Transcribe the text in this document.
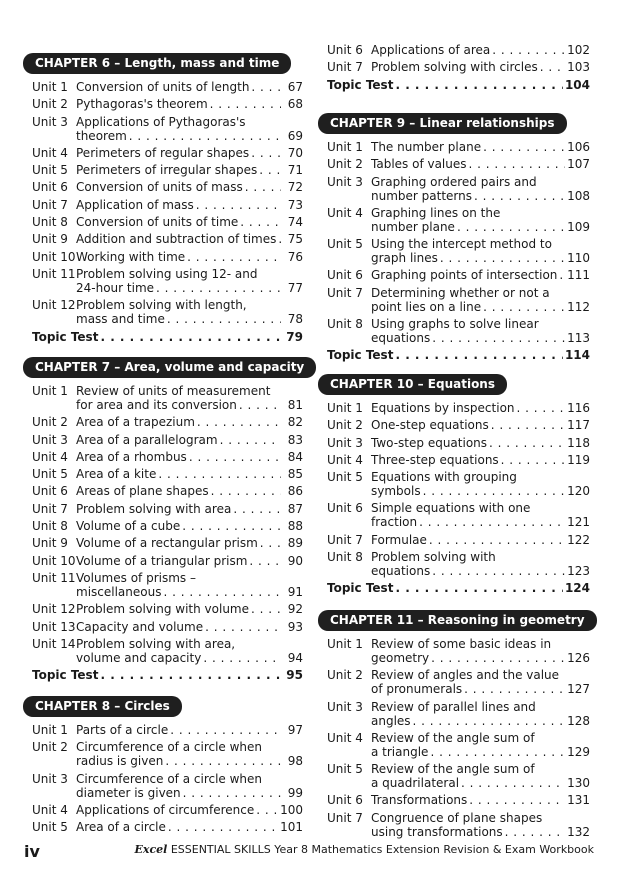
CHAPTER 6 – Length, mass and time
Unit 1 Conversion of units of length . . .	67
Unit 2 Pythagoras's theorem . . .	68
Unit 3 Applications of Pythagoras's
theorem . . .	69
Unit 4 Perimeters of regular shapes . . .	70
Unit 5 Perimeters of irregular shapes . . .	71
Unit 6 Conversion of units of mass . . .	72
Unit 7 Application of mass . . .	73
Unit 8 Conversion of units of time . . .	74
Unit 9 Addition and subtraction of times . . . 75
Unit 10 Working with time . . .	76
Unit 11 Problem solving using 12- and
24-hour time . . .	77
Unit 12 Problem solving with length,
mass and time . . .	78
Topic Test . . .	79
CHAPTER 7 – Area, volume and capacity
Unit 1 Review of units of measurement
for area and its conversion . . .	81
Unit 2 Area of a trapezium . . .	82
Unit 3 Area of a parallelogram . . .	83
Unit 4 Area of a rhombus . . .	84
Unit 5 Area of a kite . . .	85
Unit 6 Areas of plane shapes . . .	86
Unit 7 Problem solving with area . . .	87
Unit 8 Volume of a cube . . .	88
Unit 9 Volume of a rectangular prism . . .	89
Unit 10 Volume of a triangular prism . . .	90
Unit 11 Volumes of prisms –
miscellaneous . . .	91
Unit 12 Problem solving with volume . . .	92
Unit 13 Capacity and volume . . .	93
Unit 14 Problem solving with area,
volume and capacity . . .	94
Topic Test . . .	95
CHAPTER 8 – Circles
Unit 1 Parts of a circle . . .	97
Unit 2 Circumference of a circle when
radius is given . . .	98
Unit 3 Circumference of a circle when
diameter is given . . .	99
Unit 4 Applications of circumference . . . 100
Unit 5 Area of a circle . . .	101
Unit 6 Applications of area . . .	102
Unit 7 Problem solving with circles . . . 103
Topic Test . . .	104
CHAPTER 9 – Linear relationships
Unit 1 The number plane . . .	106
Unit 2 Tables of values . . .	107
Unit 3 Graphing ordered pairs and
number patterns . . .	108
Unit 4 Graphing lines on the
number plane . . .	109
Unit 5 Using the intercept method to
graph lines . . .	110
Unit 6 Graphing points of intersection . . . 111
Unit 7 Determining whether or not a
point lies on a line . . .	112
Unit 8 Using graphs to solve linear
equations . . .	113
Topic Test . . .	114
CHAPTER 10 – Equations
Unit 1 Equations by inspection . . .	116
Unit 2 One-step equations . . .	117
Unit 3 Two-step equations . . .	118
Unit 4 Three-step equations . . .	119
Unit 5 Equations with grouping
symbols . . .	120
Unit 6 Simple equations with one
fraction . . .	121
Unit 7 Formulae . . .	122
Unit 8 Problem solving with
equations . . .	123
Topic Test . . .	124
CHAPTER 11 – Reasoning in geometry
Unit 1 Review of some basic ideas in
geometry . . .	126
Unit 2 Review of angles and the value
of pronumerals . . .	127
Unit 3 Review of parallel lines and
angles . . .	128
Unit 4 Review of the angle sum of
a triangle . . .	129
Unit 5 Review of the angle sum of
a quadrilateral . . .	130
Unit 6 Transformations . . .	131
Unit 7 Congruence of plane shapes
using transformations . . .	132
iv	Excel ESSENTIAL SKILLS Year 8 Mathematics Extension Revision & Exam Workbook
